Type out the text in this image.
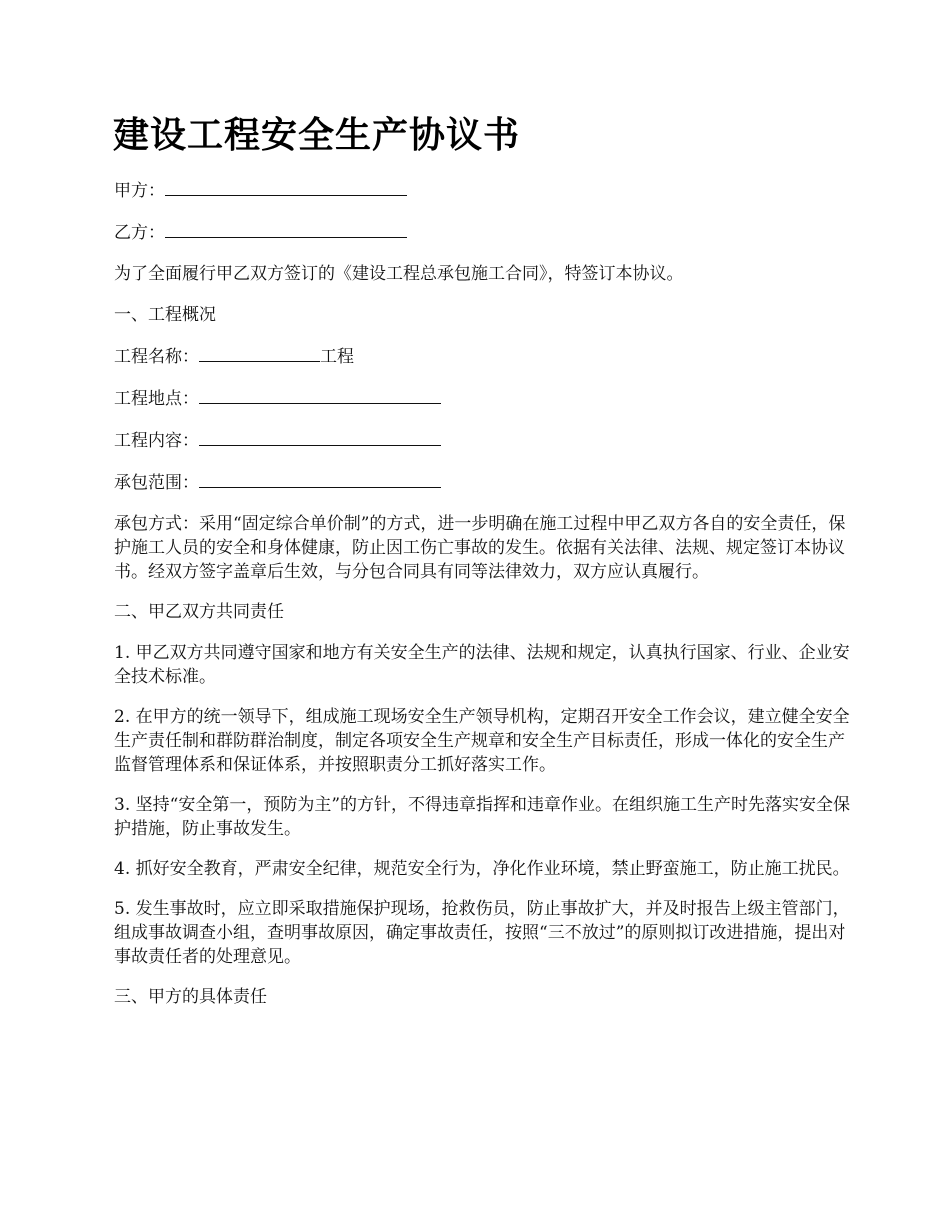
建设工程安全生产协议书

甲方：

乙方：

为了全面履行甲乙双方签订的《建设工程总承包施工合同》，特签订本协议。

一、工程概况

工程名称：	工程

工程地点：

工程内容：

承包范围：

承包方式：采用“固定综合单价制”的方式，进一步明确在施工过程中甲乙双方各自的安全责任，保护施工人员的安全和身体健康，防止因工伤亡事故的发生。依据有关法律、法规、规定签订本协议书。经双方签字盖章后生效，与分包合同具有同等法律效力，双方应认真履行。

二、甲乙双方共同责任

1. 甲乙双方共同遵守国家和地方有关安全生产的法律、法规和规定，认真执行国家、行业、企业安全技术标准。

2. 在甲方的统一领导下，组成施工现场安全生产领导机构，定期召开安全工作会议，建立健全安全生产责任制和群防群治制度，制定各项安全生产规章和安全生产目标责任，形成一体化的安全生产监督管理体系和保证体系，并按照职责分工抓好落实工作。

3. 坚持“安全第一，预防为主”的方针，不得违章指挥和违章作业。在组织施工生产时先落实安全保护措施，防止事故发生。

4. 抓好安全教育，严肃安全纪律，规范安全行为，净化作业环境，禁止野蛮施工，防止施工扰民。

5. 发生事故时，应立即采取措施保护现场，抢救伤员，防止事故扩大，并及时报告上级主管部门，组成事故调查小组，查明事故原因，确定事故责任，按照“三不放过”的原则拟订改进措施，提出对事故责任者的处理意见。

三、甲方的具体责任
